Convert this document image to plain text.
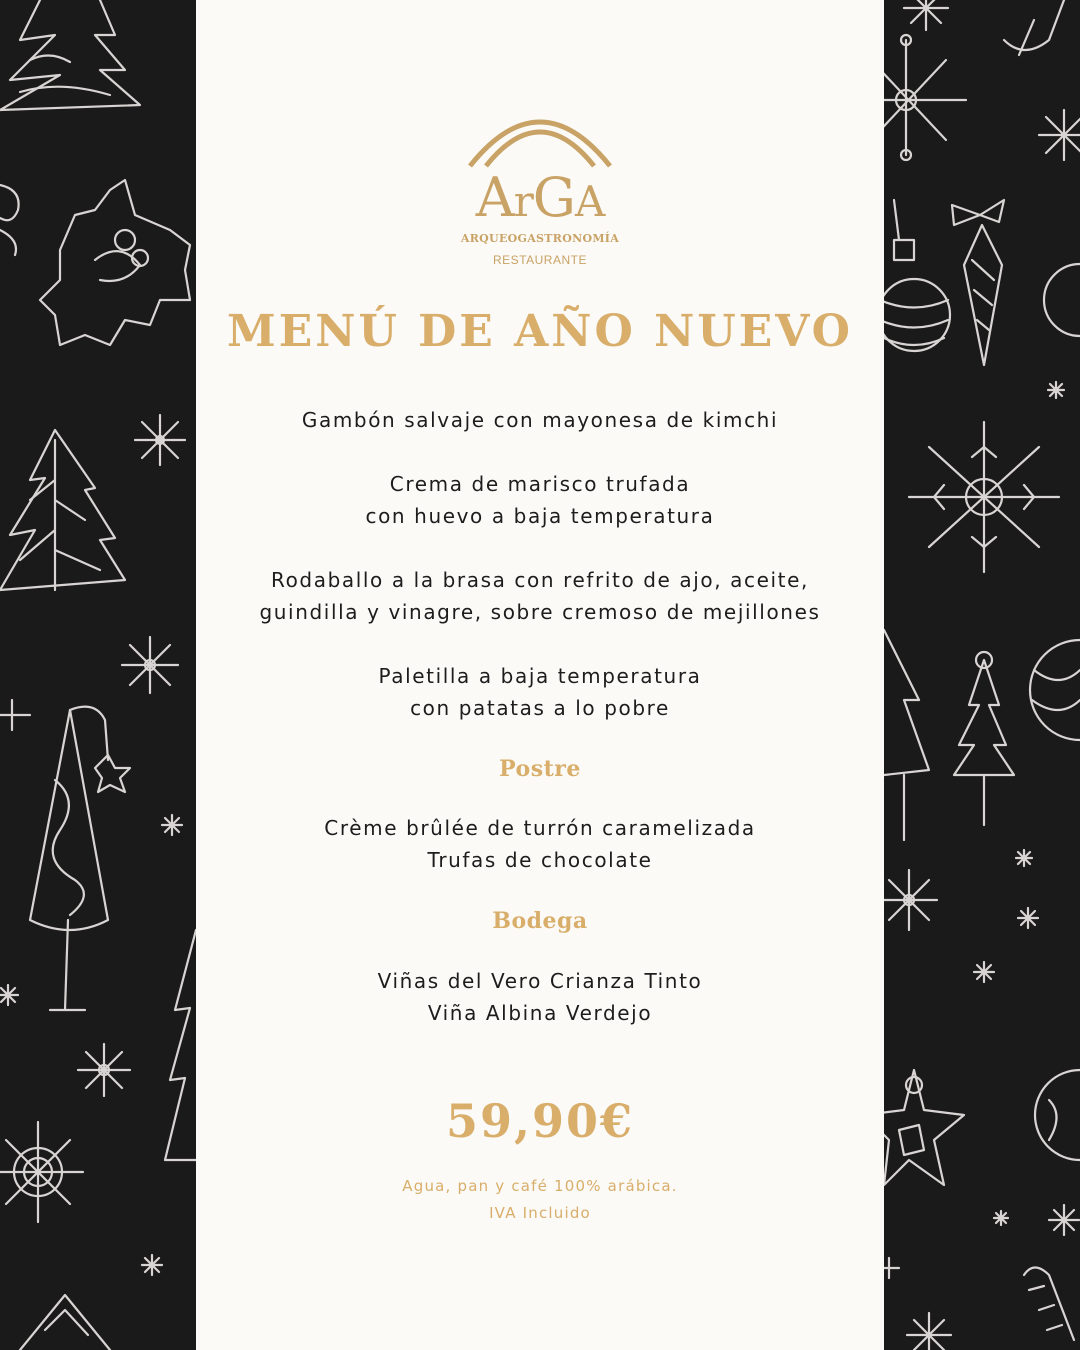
ArGA
ARQUEOGASTRONOMÍA
RESTAURANTE
MENÚ DE AÑO NUEVO
Gambón salvaje con mayonesa de kimchi
Crema de marisco trufada
con huevo a baja temperatura
Rodaballo a la brasa con refrito de ajo, aceite,
guindilla y vinagre, sobre cremoso de mejillones
Paletilla a baja temperatura
con patatas a lo pobre
Postre
Crème brûlée de turrón caramelizada
Trufas de chocolate
Bodega
Viñas del Vero Crianza Tinto
Viña Albina Verdejo
59,90€
Agua, pan y café 100% arábica.
IVA Incluido
